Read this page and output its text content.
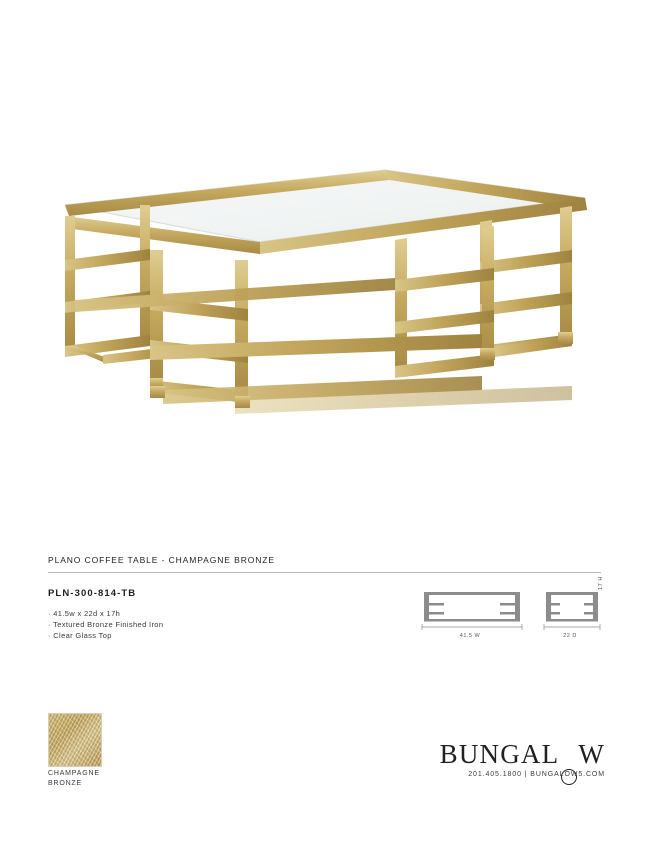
PLANO COFFEE TABLE - CHAMPAGNE BRONZE
PLN-300-814-TB
· 41.5w x 22d x 17h
· Textured Bronze Finished Iron
· Clear Glass Top	41.5 W	22 D
17 H
CHAMPAGNE
BRONZE
BUNGAL W
201.405.1800 | BUNGALOW5.COM
